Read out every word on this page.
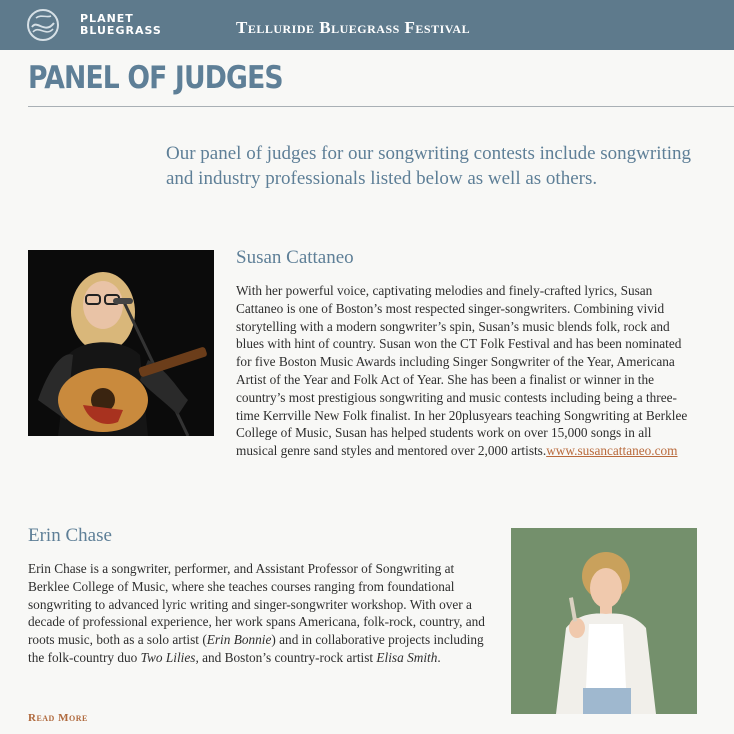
PLANET
BLUEGRASS	Telluride Bluegrass Festival
PANEL OF JUDGES

Our panel of judges for our songwriting contests include songwriting and industry professionals listed below as well as others.

Susan Cattaneo

With her powerful voice, captivating melodies and finely-crafted lyrics, Susan Cattaneo is one of Boston’s most respected singer-songwriters. Combining vivid storytelling with a modern songwriter’s spin, Susan’s music blends folk, rock and blues with hint of country. Susan won the CT Folk Festival and has been nominated for five Boston Music Awards including Singer Songwriter of the Year, Americana Artist of the Year and Folk Act of Year. She has been a finalist or winner in the country’s most prestigious songwriting and music contests including being a three-time Kerrville New Folk finalist. In her 20plusyears teaching Songwriting at Berklee College of Music, Susan has helped students work on over 15,000 songs in all musical genre sand styles and mentored over 2,000 artists.www.susancattaneo.com

Erin Chase

Erin Chase is a songwriter, performer, and Assistant Professor of Songwriting at Berklee College of Music, where she teaches courses ranging from foundational songwriting to advanced lyric writing and singer-songwriter workshop. With over a decade of professional experience, her work spans Americana, folk-rock, country, and roots music, both as a solo artist (Erin Bonnie) and in collaborative projects including the folk-country duo Two Lilies, and Boston’s country-rock artist Elisa Smith.

Read More
